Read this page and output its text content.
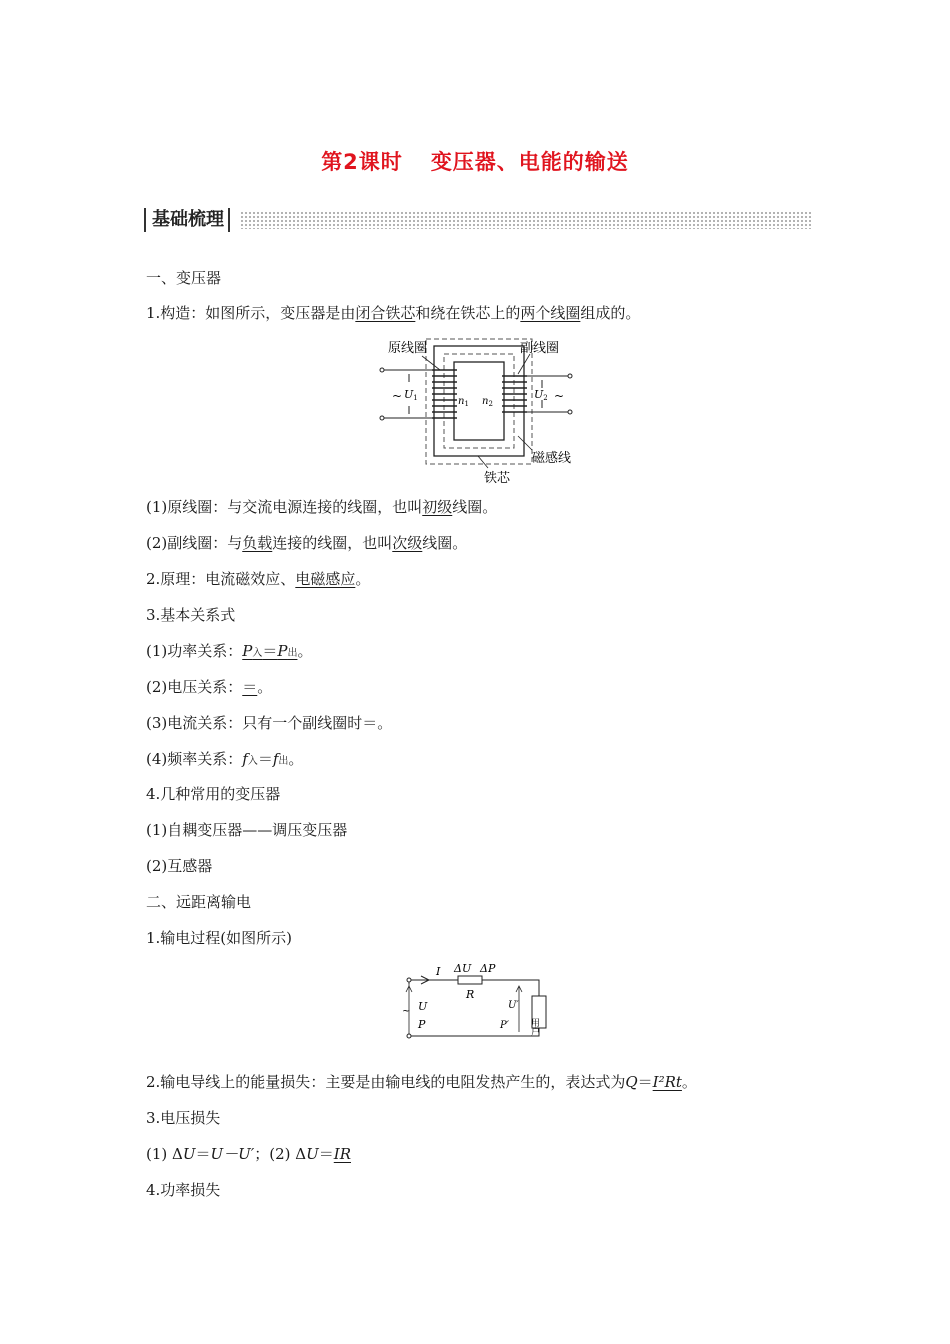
第2课时 变压器、电能的输送
基础梳理
一、变压器
1.构造：如图所示，变压器是由闭合铁芯和绕在铁芯上的两个线圈组成的。
原线圈	副线圈
磁感线
铁芯
~ U1	U2 ~
$n_1$ $n_2$
(1)原线圈：与交流电源连接的线圈，也叫初级线圈。
(2)副线圈：与负载连接的线圈，也叫次级线圈。
2.原理：电流磁效应、电磁感应。
3.基本关系式
(1)功率关系：P入＝P出。
(2)电压关系：＝。
(3)电流关系：只有一个副线圈时＝。
(4)频率关系：f入＝f出。
4.几种常用的变压器
(1)自耦变压器——调压变压器
(2)互感器
二、远距离输电
1.输电过程(如图所示)
I ΔU ΔP
R
~ U
P
U′
P′ 用户
2.输电导线上的能量损失：主要是由输电线的电阻发热产生的，表达式为Q＝I²Rt。
3.电压损失
(1) ΔU＝U－U′；(2) ΔU＝IR
4.功率损失
